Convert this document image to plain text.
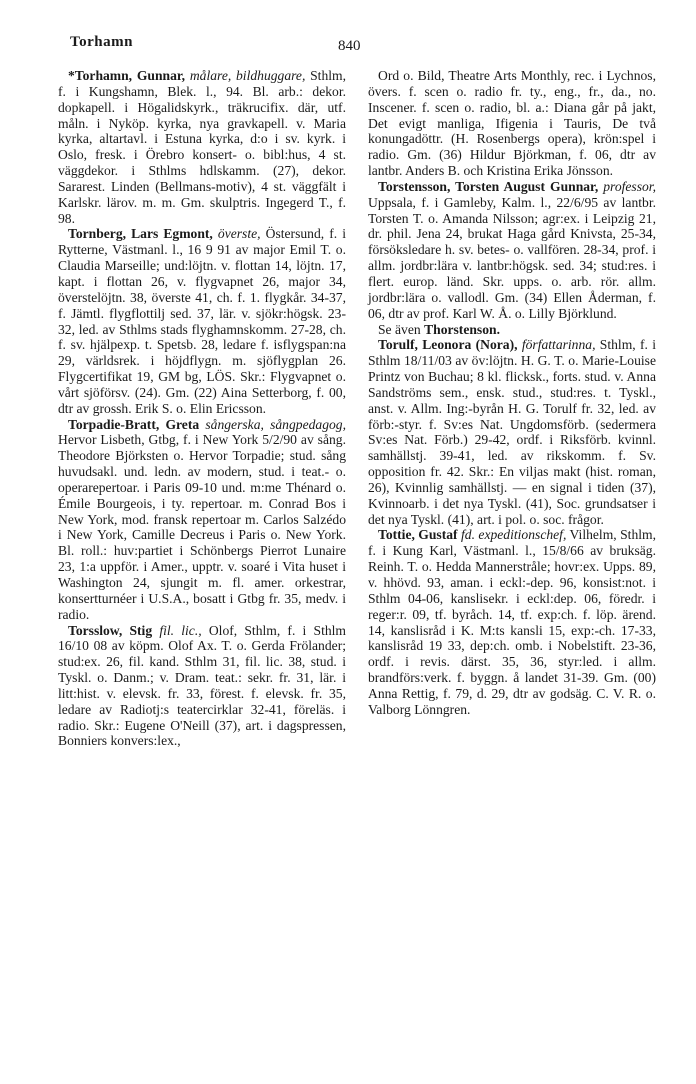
Torhamn	840

*Torhamn, Gunnar, målare, bildhuggare, Sthlm, f. i Kungshamn, Blek. l., 94. Bl. arb.: dekor. dopkapell. i Högalidskyrk., träkrucifix. där, utf. måln. i Nyköp. kyrka, nya gravkapell. v. Maria kyrka, altartavl. i Estuna kyrka, d:o i sv. kyrk. i Oslo, fresk. i Örebro konsert- o. bibl:hus, 4 st. väggdekor. i Sthlms hdlskamm. (27), dekor. Sararest. Linden (Bellmans-motiv), 4 st. väggfält i Karlskr. lärov. m. m. Gm. skulptris. Ingegerd T., f. 98.

Tornberg, Lars Egmont, överste, Östersund, f. i Rytterne, Västmanl. l., 16 9 91 av major Emil T. o. Claudia Marseille; und:löjtn. v. flottan 14, löjtn. 17, kapt. i flottan 26, v. flygvapnet 26, major 34, överstelöjtn. 38, överste 41, ch. f. 1. flygkår. 34-37, f. Jämtl. flygflottilj sed. 37, lär. v. sjökr:högsk. 23-32, led. av Sthlms stads flyghamnskomm. 27-28, ch. f. sv. hjälpexp. t. Spetsb. 28, ledare f. isflygspan:na 29, världsrek. i höjdflygn. m. sjöflygplan 26. Flygcertifikat 19, GM bg, LÖS. Skr.: Flygvapnet o. vårt sjöförsv. (24). Gm. (22) Aina Setterborg, f. 00, dtr av grossh. Erik S. o. Elin Ericsson.

Torpadie-Bratt, Greta sångerska, sångpedagog, Hervor Lisbeth, Gtbg, f. i New York 5/2/90 av sång. Theodore Björksten o. Hervor Torpadie; stud. sång huvudsakl. und. ledn. av modern, stud. i teat.- o. operarepertoar. i Paris 09-10 und. m:me Thénard o. Émile Bourgeois, i ty. repertoar. m. Conrad Bos i New York, mod. fransk repertoar m. Carlos Salzédo i New York, Camille Decreus i Paris o. New York. Bl. roll.: huv:partiet i Schönbergs Pierrot Lunaire 23, 1:a uppför. i Amer., upptr. v. soaré i Vita huset i Washington 24, sjungit m. fl. amer. orkestrar, konsertturnéer i U.S.A., bosatt i Gtbg fr. 35, medv. i radio.

Torsslow, Stig fil. lic., Olof, Sthlm, f. i Sthlm 16/10 08 av köpm. Olof Ax. T. o. Gerda Frölander; stud:ex. 26, fil. kand. Sthlm 31, fil. lic. 38, stud. i Tyskl. o. Danm.; v. Dram. teat.: sekr. fr. 31, lär. i litt:hist. v. elevsk. fr. 33, förest. f. elevsk. fr. 35, ledare av Radiotj:s teatercirklar 32-41, föreläs. i radio. Skr.: Eugene O'Neill (37), art. i dagspressen, Bonniers konvers:lex.,

Ord o. Bild, Theatre Arts Monthly, rec. i Lychnos, övers. f. scen o. radio fr. ty., eng., fr., da., no. Inscener. f. scen o. radio, bl. a.: Diana går på jakt, Det evigt manliga, Ifigenia i Tauris, De två konungadöttr. (H. Rosenbergs opera), krön:spel i radio. Gm. (36) Hildur Björkman, f. 06, dtr av lantbr. Anders B. och Kristina Erika Jönsson.

Torstensson, Torsten August Gunnar, professor, Uppsala, f. i Gamleby, Kalm. l., 22/6/95 av lantbr. Torsten T. o. Amanda Nilsson; agr:ex. i Leipzig 21, dr. phil. Jena 24, brukat Haga gård Knivsta, 25-34, försöksledare h. sv. betes- o. vallfören. 28-34, prof. i allm. jordbr:lära v. lantbr:högsk. sed. 34; stud:res. i flert. europ. länd. Skr. upps. o. arb. rör. allm. jordbr:lära o. vallodl. Gm. (34) Ellen Åderman, f. 06, dtr av prof. Karl W. Å. o. Lilly Björklund.

Se även Thorstenson.

Torulf, Leonora (Nora), författarinna, Sthlm, f. i Sthlm 18/11/03 av öv:löjtn. H. G. T. o. Marie-Louise Printz von Buchau; 8 kl. flicksk., forts. stud. v. Anna Sandströms sem., ensk. stud., stud:res. t. Tyskl., anst. v. Allm. Ing:-byrån H. G. Torulf fr. 32, led. av förb:-styr. f. Sv:es Nat. Ungdomsförb. (sedermera Sv:es Nat. Förb.) 29-42, ordf. i Riksförb. kvinnl. samhällstj. 39-41, led. av rikskomm. f. Sv. opposition fr. 42. Skr.: En viljas makt (hist. roman, 26), Kvinnlig samhällstj. — en signal i tiden (37), Kvinnoarb. i det nya Tyskl. (41), Soc. grundsatser i det nya Tyskl. (41), art. i pol. o. soc. frågor.

Tottie, Gustaf fd. expeditionschef, Vilhelm, Sthlm, f. i Kung Karl, Västmanl. l., 15/8/66 av bruksäg. Reinh. T. o. Hedda Mannerstråle; hovr:ex. Upps. 89, v. hhövd. 93, aman. i eckl:-dep. 96, konsist:not. i Sthlm 04-06, kanslisekr. i eckl:dep. 06, föredr. i reger:r. 09, tf. byråch. 14, tf. exp:ch. f. löp. ärend. 14, kanslisråd i K. M:ts kansli 15, exp:-ch. 17-33, kanslisråd 19 33, dep:ch. omb. i Nobelstift. 23-36, ordf. i revis. därst. 35, 36, styr:led. i allm. brandförs:verk. f. byggn. å landet 31-39. Gm. (00) Anna Rettig, f. 79, d. 29, dtr av godsäg. C. V. R. o. Valborg Lönngren.
